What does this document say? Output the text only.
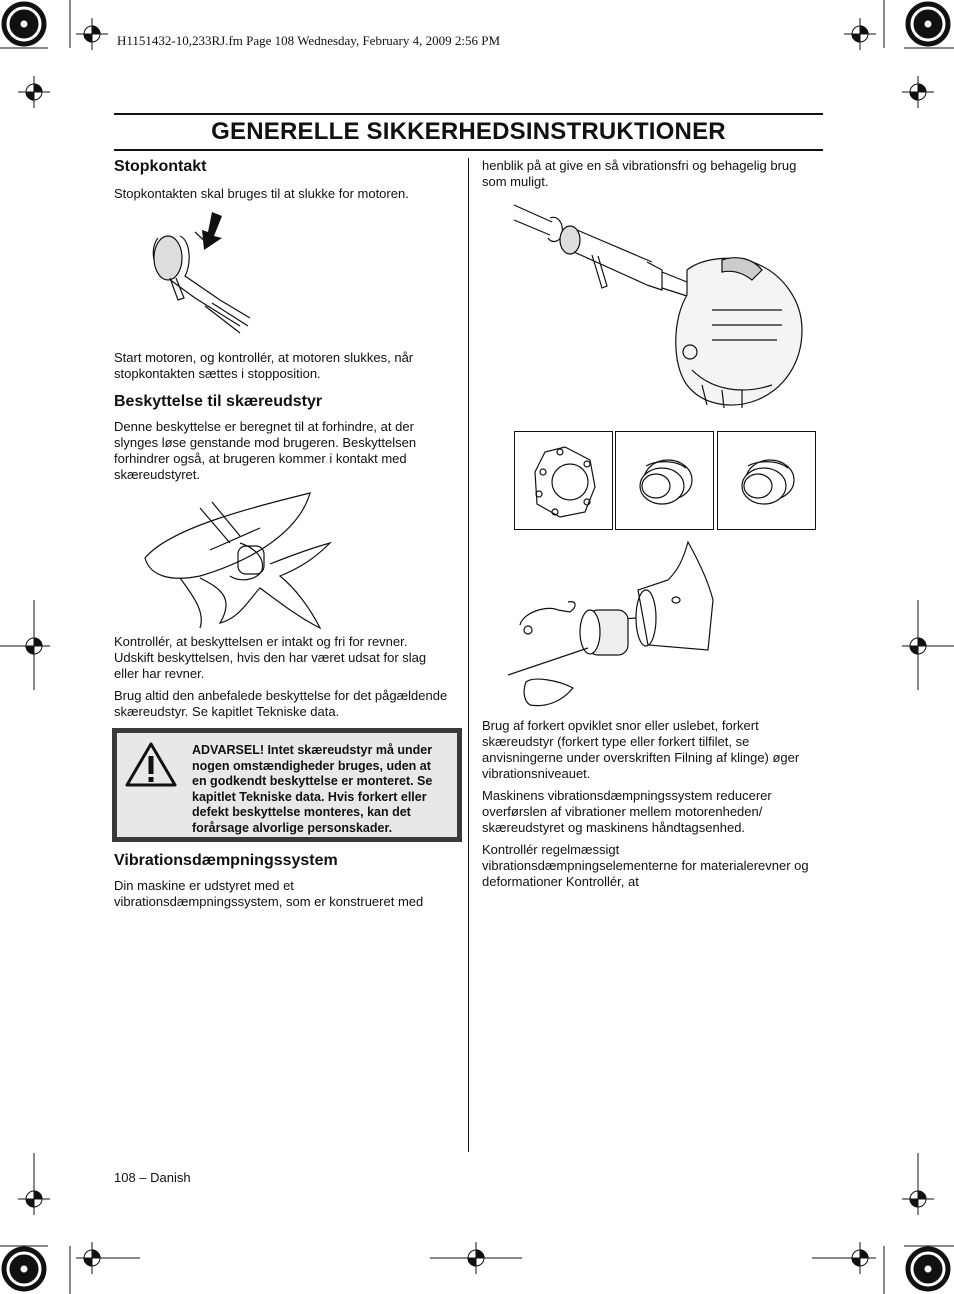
H1151432-10,233RJ.fm Page 108 Wednesday, February 4, 2009 2:56 PM
GENERELLE SIKKERHEDSINSTRUKTIONER
Stopkontakt
Stopkontakten skal bruges til at slukke for motoren.
Start motoren, og kontrollér, at motoren slukkes, når
stopkontakten sættes i stopposition.
Beskyttelse til skæreudstyr
Denne beskyttelse er beregnet til at forhindre, at der
slynges løse genstande mod brugeren. Beskyttelsen
forhindrer også, at brugeren kommer i kontakt med
skæreudstyret.
Kontrollér, at beskyttelsen er intakt og fri for revner.
Udskift beskyttelsen, hvis den har været udsat for slag
eller har revner.
Brug altid den anbefalede beskyttelse for det pågældende
skæreudstyr. Se kapitlet Tekniske data.
ADVARSEL! Intet skæreudstyr må under
nogen omstændigheder bruges, uden at
en godkendt beskyttelse er monteret. Se
kapitlet Tekniske data. Hvis forkert eller
defekt beskyttelse monteres, kan det
forårsage alvorlige personskader.
Vibrationsdæmpningssystem
Din maskine er udstyret med et
vibrationsdæmpningssystem, som er konstrueret med
henblik på at give en så vibrationsfri og behagelig brug
som muligt.
Brug af forkert opviklet snor eller uslebet, forkert
skæreudstyr (forkert type eller forkert tilfilet, se
anvisningerne under overskriften Filning af klinge) øger
vibrationsniveauet.
Maskinens vibrationsdæmpningssystem reducerer
overførslen af vibrationer mellem motorenheden/
skæreudstyret og maskinens håndtagsenhed.
Kontrollér regelmæssigt
vibrationsdæmpningselementerne for materialerevner og
deformationer Kontrollér, at
108 – Danish
